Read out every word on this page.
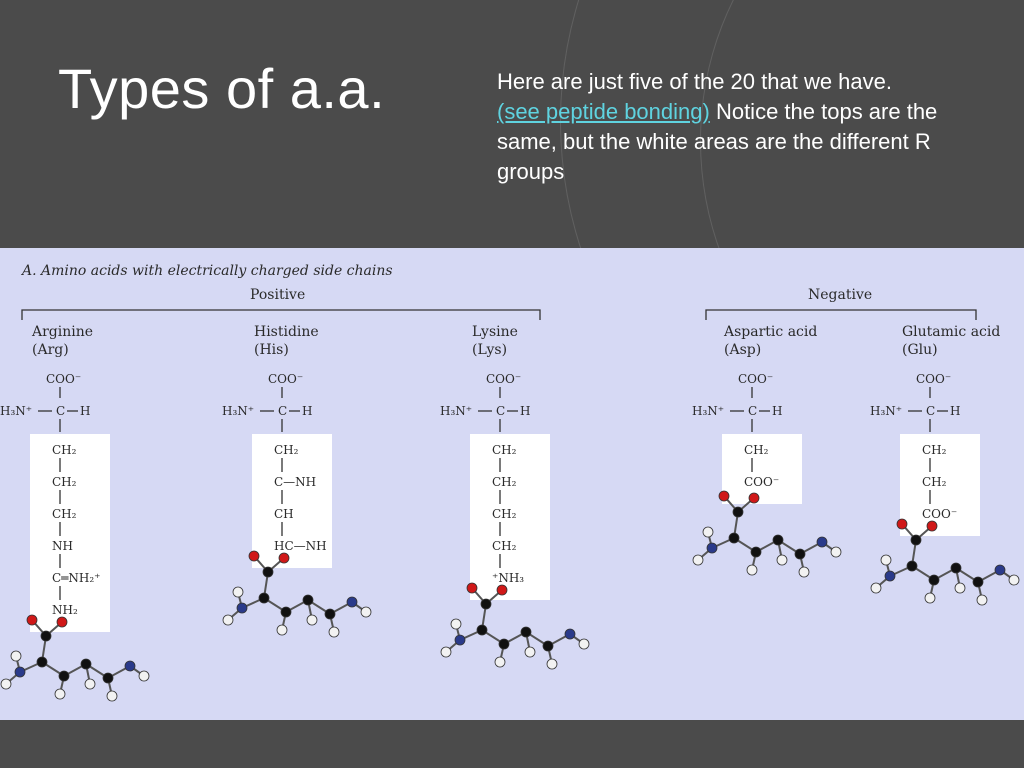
Types of a.a.	Here are just five of the 20 that we have.
(see peptide bonding) Notice the tops are the same, but the white areas are the different R groups
A. Amino acids with electrically charged side chains
Positive	Negative
Arginine
(Arg)
COO⁻
H₃N⁺ C H
CH₂
CH₂
CH₂
NH
C═NH₂⁺
NH₂
Histidine
(His)
COO⁻
H₃N⁺ C H
CH₂
C—NH
CH
HC—NH
Lysine
(Lys)
COO⁻
H₃N⁺ C H
CH₂
CH₂
CH₂
CH₂
⁺NH₃
Aspartic acid
(Asp)
COO⁻
H₃N⁺ C H
CH₂
COO⁻
Glutamic acid
(Glu)
COO⁻
H₃N⁺ C H
CH₂
CH₂
COO⁻
